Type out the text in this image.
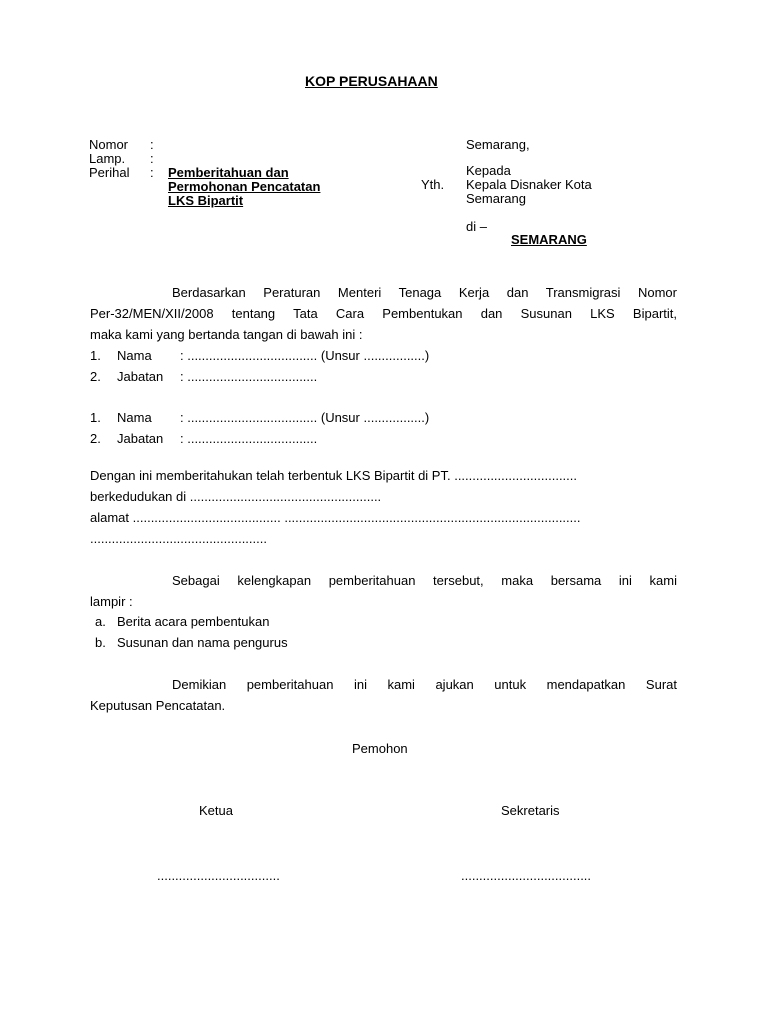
KOP PERUSAHAAN
Nomor :
Lamp. :
Perihal : Pemberitahuan dan
Permohonan Pencatatan
LKS Bipartit
Semarang,
Kepada
Yth. Kepala Disnaker Kota
Semarang
di –
SEMARANG
Berdasarkan Peraturan Menteri Tenaga Kerja dan Transmigrasi Nomor
Per-32/MEN/XII/2008 tentang Tata Cara Pembentukan dan Susunan LKS Bipartit,
maka kami yang bertanda tangan di bawah ini :
1. Nama : .................................... (Unsur .................)
2. Jabatan : ....................................
1. Nama : .................................... (Unsur .................)
2. Jabatan : ....................................
Dengan ini memberitahukan telah terbentuk LKS Bipartit di PT. ..................................
berkedudukan di .....................................................
alamat ......................................... ..................................................................................
.................................................
Sebagai kelengkapan pemberitahuan tersebut, maka bersama ini kami
lampir :
a. Berita acara pembentukan
b. Susunan dan nama pengurus
Demikian pemberitahuan ini kami ajukan untuk mendapatkan Surat
Keputusan Pencatatan.
Pemohon
Ketua	Sekretaris
..................................	....................................
